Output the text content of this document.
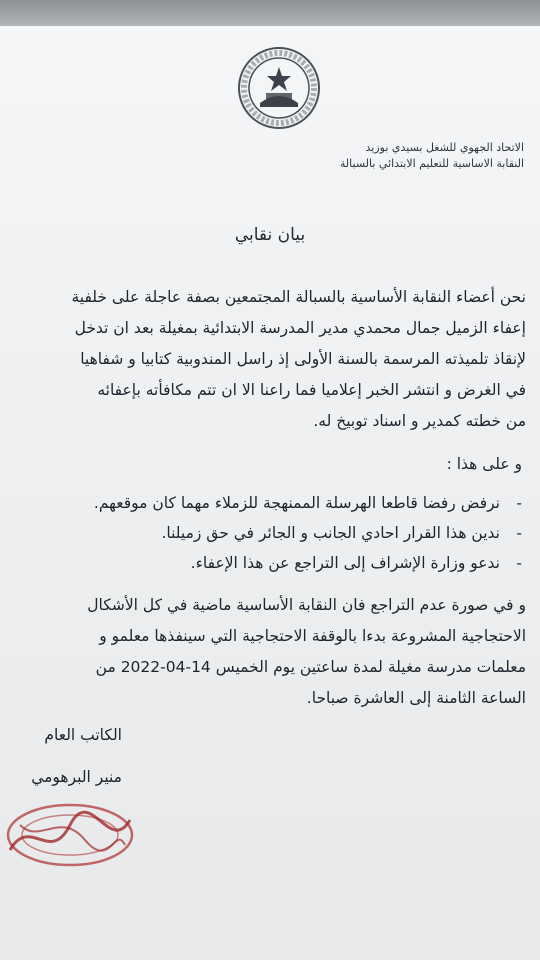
الاتحاد الجهوي للشغل بسيدي بوزيد
النقابة الاساسية للتعليم الابتدائي بالسبالة
بيان نقابي
نحن أعضاء النقابة الأساسية بالسبالة المجتمعين بصفة عاجلة على خلفية
إعفاء الزميل جمال محمدي مدير المدرسة الابتدائية بمغيلة بعد ان تدخل
لإنقاذ تلميذته المرسمة بالسنة الأولى إذ راسل المندوبية كتابيا و شفاهيا
في الغرض و انتشر الخبر إعلاميا فما راعنا الا ان تتم مكافأته بإعفائه
من خطته كمدير و اسناد توبيخ له.
و على هذا :
-نرفض رفضا قاطعا الهرسلة الممنهجة للزملاء مهما كان موقعهم.
-ندين هذا القرار احادي الجانب و الجائر في حق زميلنا.
-ندعو وزارة الإشراف إلى التراجع عن هذا الإعفاء.
و في صورة عدم التراجع فان النقابة الأساسية ماضية في كل الأشكال
الاحتجاجية المشروعة بدءا بالوقفة الاحتجاجية التي سينفذها معلمو و
معلمات مدرسة مغيلة لمدة ساعتين يوم الخميس 14-04-2022 من
الساعة الثامنة إلى العاشرة صباحا.
الكاتب العام
منير البرهومي
